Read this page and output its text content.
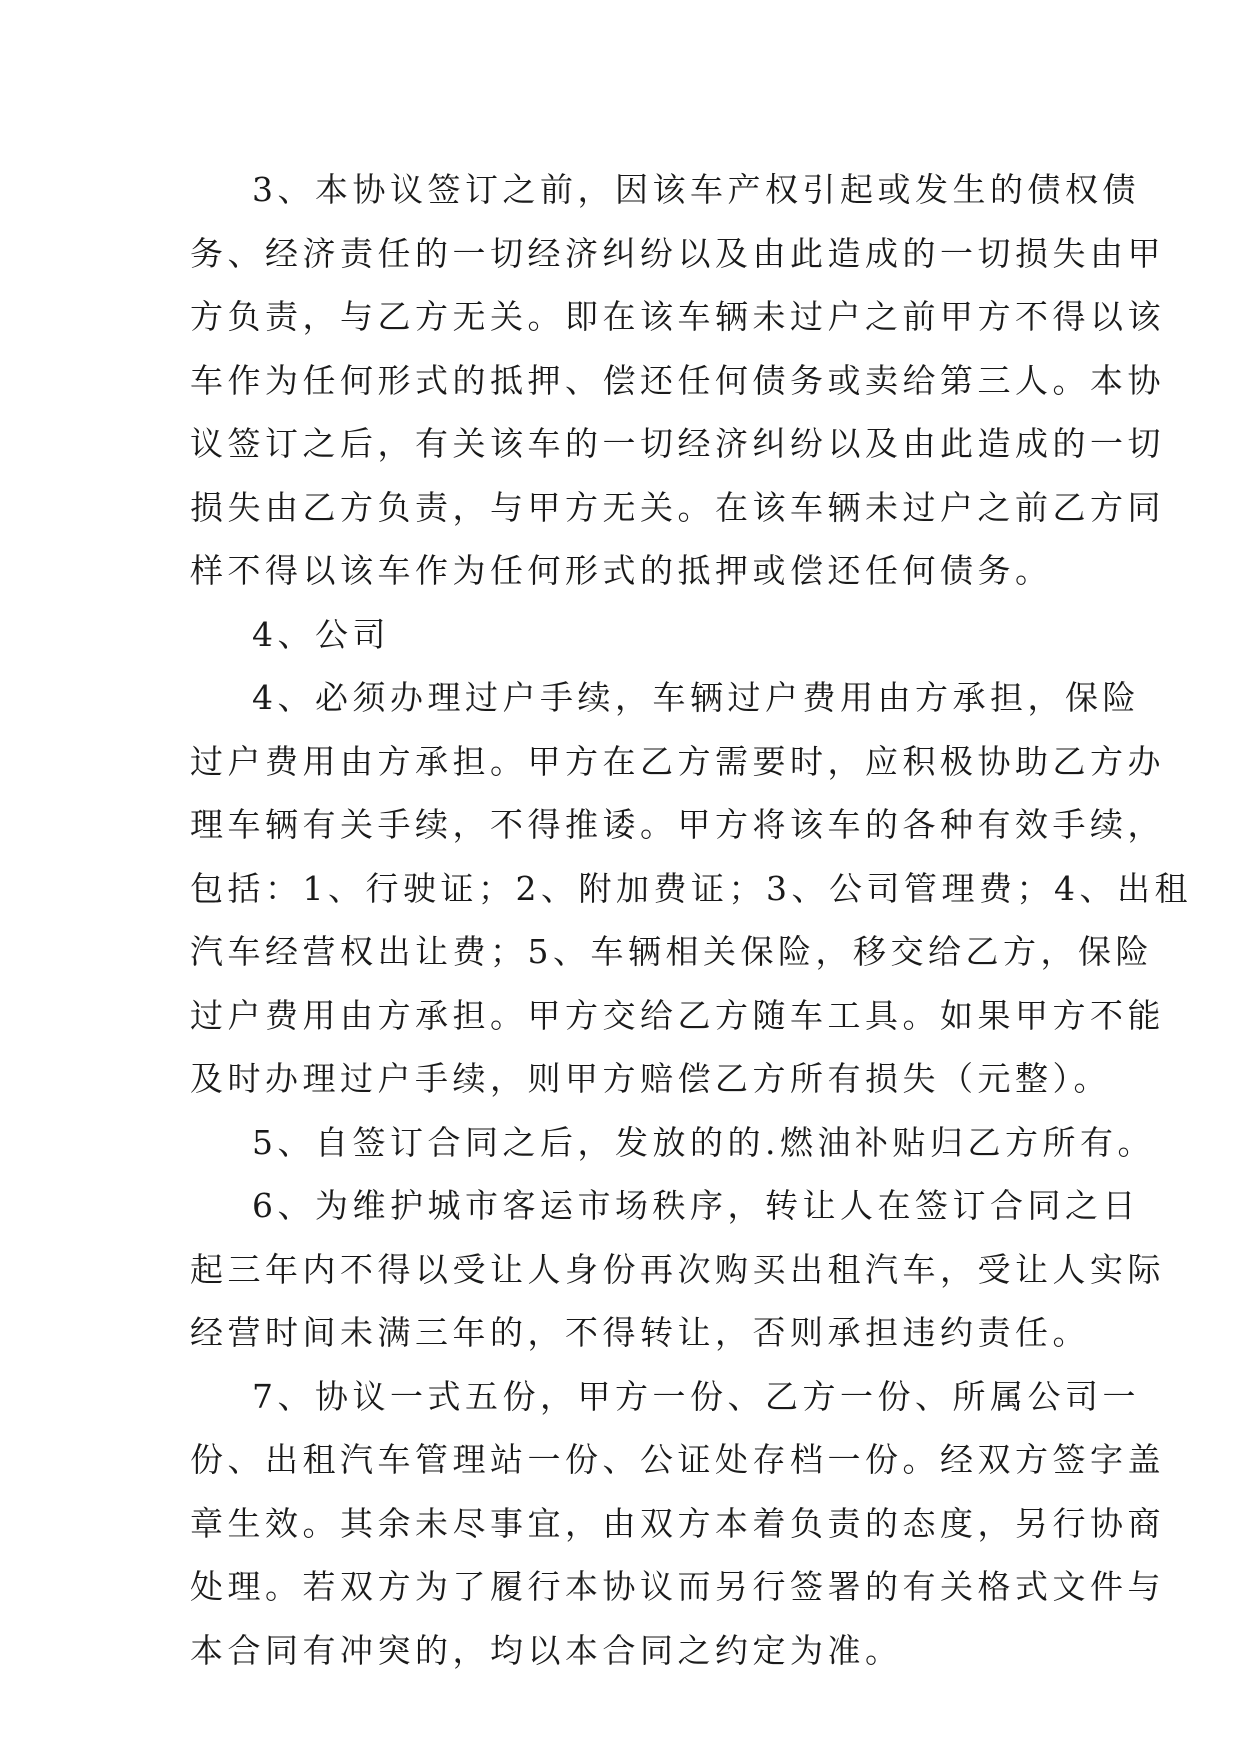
3、本协议签订之前，因该车产权引起或发生的债权债
务、经济责任的一切经济纠纷以及由此造成的一切损失由甲
方负责，与乙方无关。即在该车辆未过户之前甲方不得以该
车作为任何形式的抵押、偿还任何债务或卖给第三人。本协
议签订之后，有关该车的一切经济纠纷以及由此造成的一切
损失由乙方负责，与甲方无关。在该车辆未过户之前乙方同
样不得以该车作为任何形式的抵押或偿还任何债务。
4、公司
4、必须办理过户手续，车辆过户费用由方承担，保险
过户费用由方承担。甲方在乙方需要时，应积极协助乙方办
理车辆有关手续，不得推诿。甲方将该车的各种有效手续，
包括：1、行驶证；2、附加费证；3、公司管理费；4、出租
汽车经营权出让费；5、车辆相关保险，移交给乙方，保险
过户费用由方承担。甲方交给乙方随车工具。如果甲方不能
及时办理过户手续，则甲方赔偿乙方所有损失（元整）。
5、自签订合同之后，发放的的.燃油补贴归乙方所有。
6、为维护城市客运市场秩序，转让人在签订合同之日
起三年内不得以受让人身份再次购买出租汽车，受让人实际
经营时间未满三年的，不得转让，否则承担违约责任。
7、协议一式五份，甲方一份、乙方一份、所属公司一
份、出租汽车管理站一份、公证处存档一份。经双方签字盖
章生效。其余未尽事宜，由双方本着负责的态度，另行协商
处理。若双方为了履行本协议而另行签署的有关格式文件与
本合同有冲突的，均以本合同之约定为准。
